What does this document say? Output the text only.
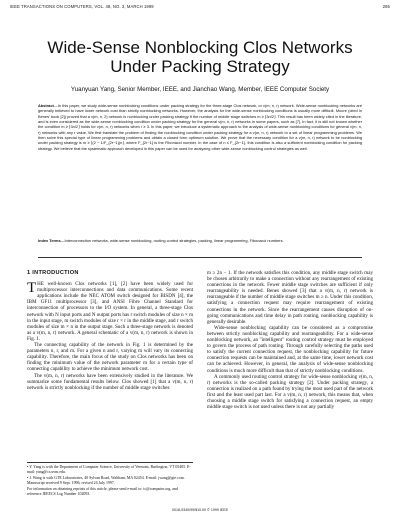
IEEE TRANSACTIONS ON COMPUTERS, VOL. 48, NO. 3, MARCH 1999	265
Wide-Sense Nonblocking Clos Networks
Under Packing Strategy
Yuanyuan Yang, Senior Member, IEEE, and Jianchao Wang, Member, IEEE Computer Society
Abstract—In this paper, we study wide-sense nonblocking conditions under packing strategy for the three-stage Clos network, or v(m, n, r) network. Wide-sense nonblocking networks are generally believed to have lower network cost than strictly nonblocking networks. However, the analysis for the wide-sense nonblocking conditions is usually more difficult. Moore (cited in Benes' book [2]) proved that a v(m, n, 2) network is nonblocking under packing strategy if the number of middle stage switches m ≥ ⌊3n/2⌋. This result has been widely cited in the literature, and is even considered as the wide-sense nonblocking condition under packing strategy for the general v(m, n, r) networks in some papers, such as [7]. In fact, it is still not known whether the condition m ≥ ⌊3n/2⌋ holds for v(m, n, r) networks when r ≥ 3. In this paper, we introduce a systematic approach to the analysis of wide-sense nonblocking conditions for general v(m, n, r) networks with any r value. We first translate the problem of finding the nonblocking condition under packing strategy for a v(m, n, r) network to a set of linear programming problems. We then solve this special type of linear programming problems and obtain a closed form optimum solution. We prove that the necessary condition for a v(m, n, r) network to be nonblocking under packing strategy is m ≥ ⌊(2 − 1/F_{2r−1})n⌋, where F_{2r−1} is the Fibonacci number. In the case of n ≤ F_{2r−1}, this condition is also a sufficient nonblocking condition for packing strategy. We believe that the systematic approach developed in this paper can be used for analyzing other wide-sense nonblocking control strategies as well.
Index Terms—Interconnection networks, wide-sense nonblocking, routing control strategies, packing, linear programming, Fibonacci numbers.
1 INTRODUCTION

THE well-known Clos networks [1], [2] have been widely used for multiprocessor interconnections and data communications. Some recent applications include the NEC ATOM switch designed for BISDN [4], the IBM GF11 multiprocessor [3], and ANSI Fibre Channel Standard for interconnection of processors to the I/O system. In general, a three-stage Clos network with N input ports and N output ports has r switch modules of size n × m in the input stage, m switch modules of size r × r in the middle stage, and r switch modules of size m × n in the output stage. Such a three-stage network is denoted as a v(m, n, r) network. A general schematic of a v(m, n, r) network is shown in Fig. 1.

The connecting capability of the network in Fig. 1 is determined by the parameters n, r, and m. For a given n and r, varying m will vary its connecting capability. Therefore, the main focus of the study on Clos networks has been on finding the minimum value of the network parameter m for a certain type of connecting capability to achieve the minimum network cost.

The v(m, n, r) networks have been extensively studied in the literature. We summarize some fundamental results below. Clos showed [1] that a v(m, n, r) network is strictly nonblocking if the number of middle stage switches

m ≥ 2n − 1. If the network satisfies this condition, any middle stage switch may be chosen arbitrarily to make a connection without any rearrangement of existing connections in the network. Fewer middle stage switches are sufficient if only rearrangeability is needed. Benes showed [3] that a v(m, n, r) network is rearrangeable if the number of middle stage switches m ≥ n. Under this condition, satisfying a connection request may require rearrangement of existing connections in the network. Since the rearrangement causes disruption of on-going communications and time delay in path routing, nonblocking capability is generally desirable.

Wide-sense nonblocking capability can be considered as a compromise between strictly nonblocking capability and rearrangeability. For a wide-sense nonblocking network, an "intelligent" routing control strategy must be employed to govern the process of path routing. Through carefully selecting the paths used to satisfy the current connection request, the nonblocking capability for future connection requests can be maintained and, at the same time, lower network cost can be achieved. However, in general, the analysis of wide-sense nonblocking conditions is much more difficult than that of strictly nonblocking conditions.

A commonly used routing control strategy for wide-sense nonblocking v(m, n, r) networks is the so-called packing strategy [2]. Under packing strategy, a connection is realized on a path found by trying the most used part of the network first and the least used part last. For a v(m, n, r) network, this means that, when choosing a middle stage switch for satisfying a connection request, an empty middle stage switch is not used unless there is not any partially

• Y. Yang is with the Department of Computer Science, University of Vermont, Burlington, VT 05405. E-mail: yang@cs.uvm.edu.

• J. Wang is with GTE Laboratories, 40 Sylvan Road, Waltham, MA 02454. E-mail: jwang@gte.com.

Manuscript received 9 Sept. 1996; revised 24 July 1997.

For information on obtaining reprints of this article, please send e-mail to: tc@computer.org, and reference IEEECS Log Number 102093.

0018-9340/99/$10.00 © 1999 IEEE
